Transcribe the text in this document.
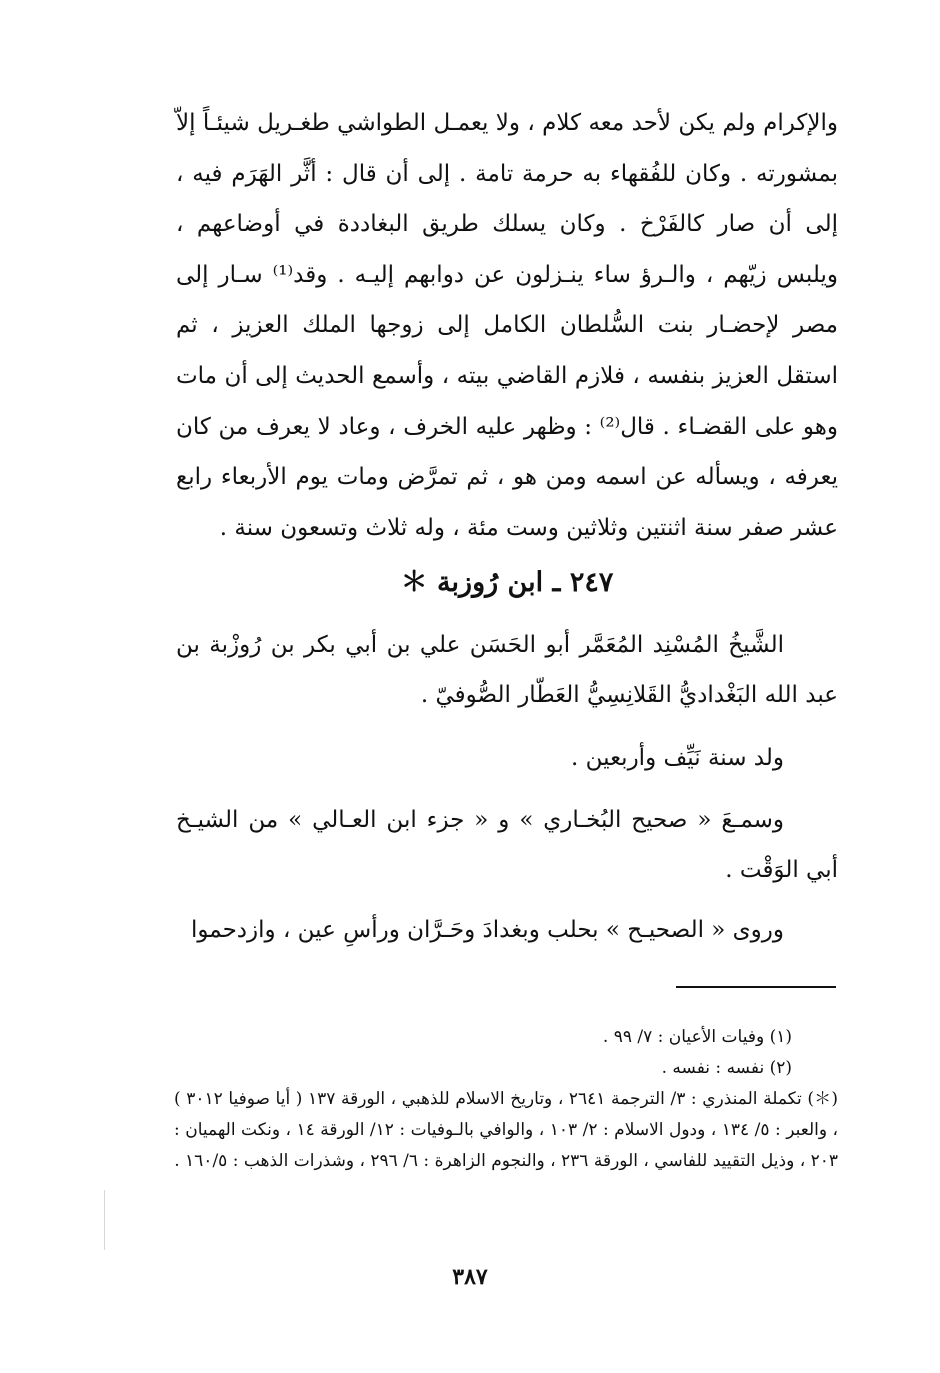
والإكرام ولم يكن لأحد معه كلام ، ولا يعمـل الطواشي طغـريل شيئـاً إلاّ بمشورته . وكان للفُقهاء به حرمة تامة . إلى أن قال : أثَّر الهَرَم فيه ، إلى أن صار كالفَرْخ . وكان يسلك طريق البغاددة في أوضاعهم ، ويلبس زيّهم ، والـرؤ ساء ينـزلون عن دوابهم إليـه . وقد⁽¹⁾ سـار إلى مصر لإحضـار بنت السُّلطان الكامل إلى زوجها الملك العزيز ، ثم استقل العزيز بنفسه ، فلازم القاضي بيته ، وأسمع الحديث إلى أن مات وهو على القضـاء . قال⁽²⁾ : وظهر عليه الخرف ، وعاد لا يعرف من كان يعرفه ، ويسأله عن اسمه ومن هو ، ثم تمرَّض ومات يوم الأربعاء رابع عشر صفر سنة اثنتين وثلاثين وست مئة ، وله ثلاث وتسعون سنة .

٢٤٧ ـ ابن رُوزبة ＊

الشَّيخُ المُسْنِد المُعَمَّر أبو الحَسَن علي بن أبي بكر بن رُوزْبة بن عبد الله البَغْداديُّ القَلانِسِيُّ العَطّار الصُّوفيّ .

ولد سنة نَيِّف وأربعين .

وسمـعَ « صحيح البُخـاري » و « جزء ابن العـالي » من الشيـخ أبي الوَقْت .

وروى « الصحيـح » بحلب وبغدادَ وحَـرَّان ورأسِ عين ، وازدحموا

(١) وفيات الأعيان : ٧/ ٩٩ .

(٢) نفسه : نفسه .

(＊) تكملة المنذري : ٣/ الترجمة ٢٦٤١ ، وتاريخ الاسلام للذهبي ، الورقة ١٣٧ ( أيا صوفيا ٣٠١٢ ) ، والعبر : ٥/ ١٣٤ ، ودول الاسلام : ٢/ ١٠٣ ، والوافي بالـوفيات : ١٢/ الورقة ١٤ ، ونكت الهميان : ٢٠٣ ، وذيل التقييد للفاسي ، الورقة ٢٣٦ ، والنجوم الزاهرة : ٦/ ٢٩٦ ، وشذرات الذهب : ١٦٠/٥ .

٣٨٧
